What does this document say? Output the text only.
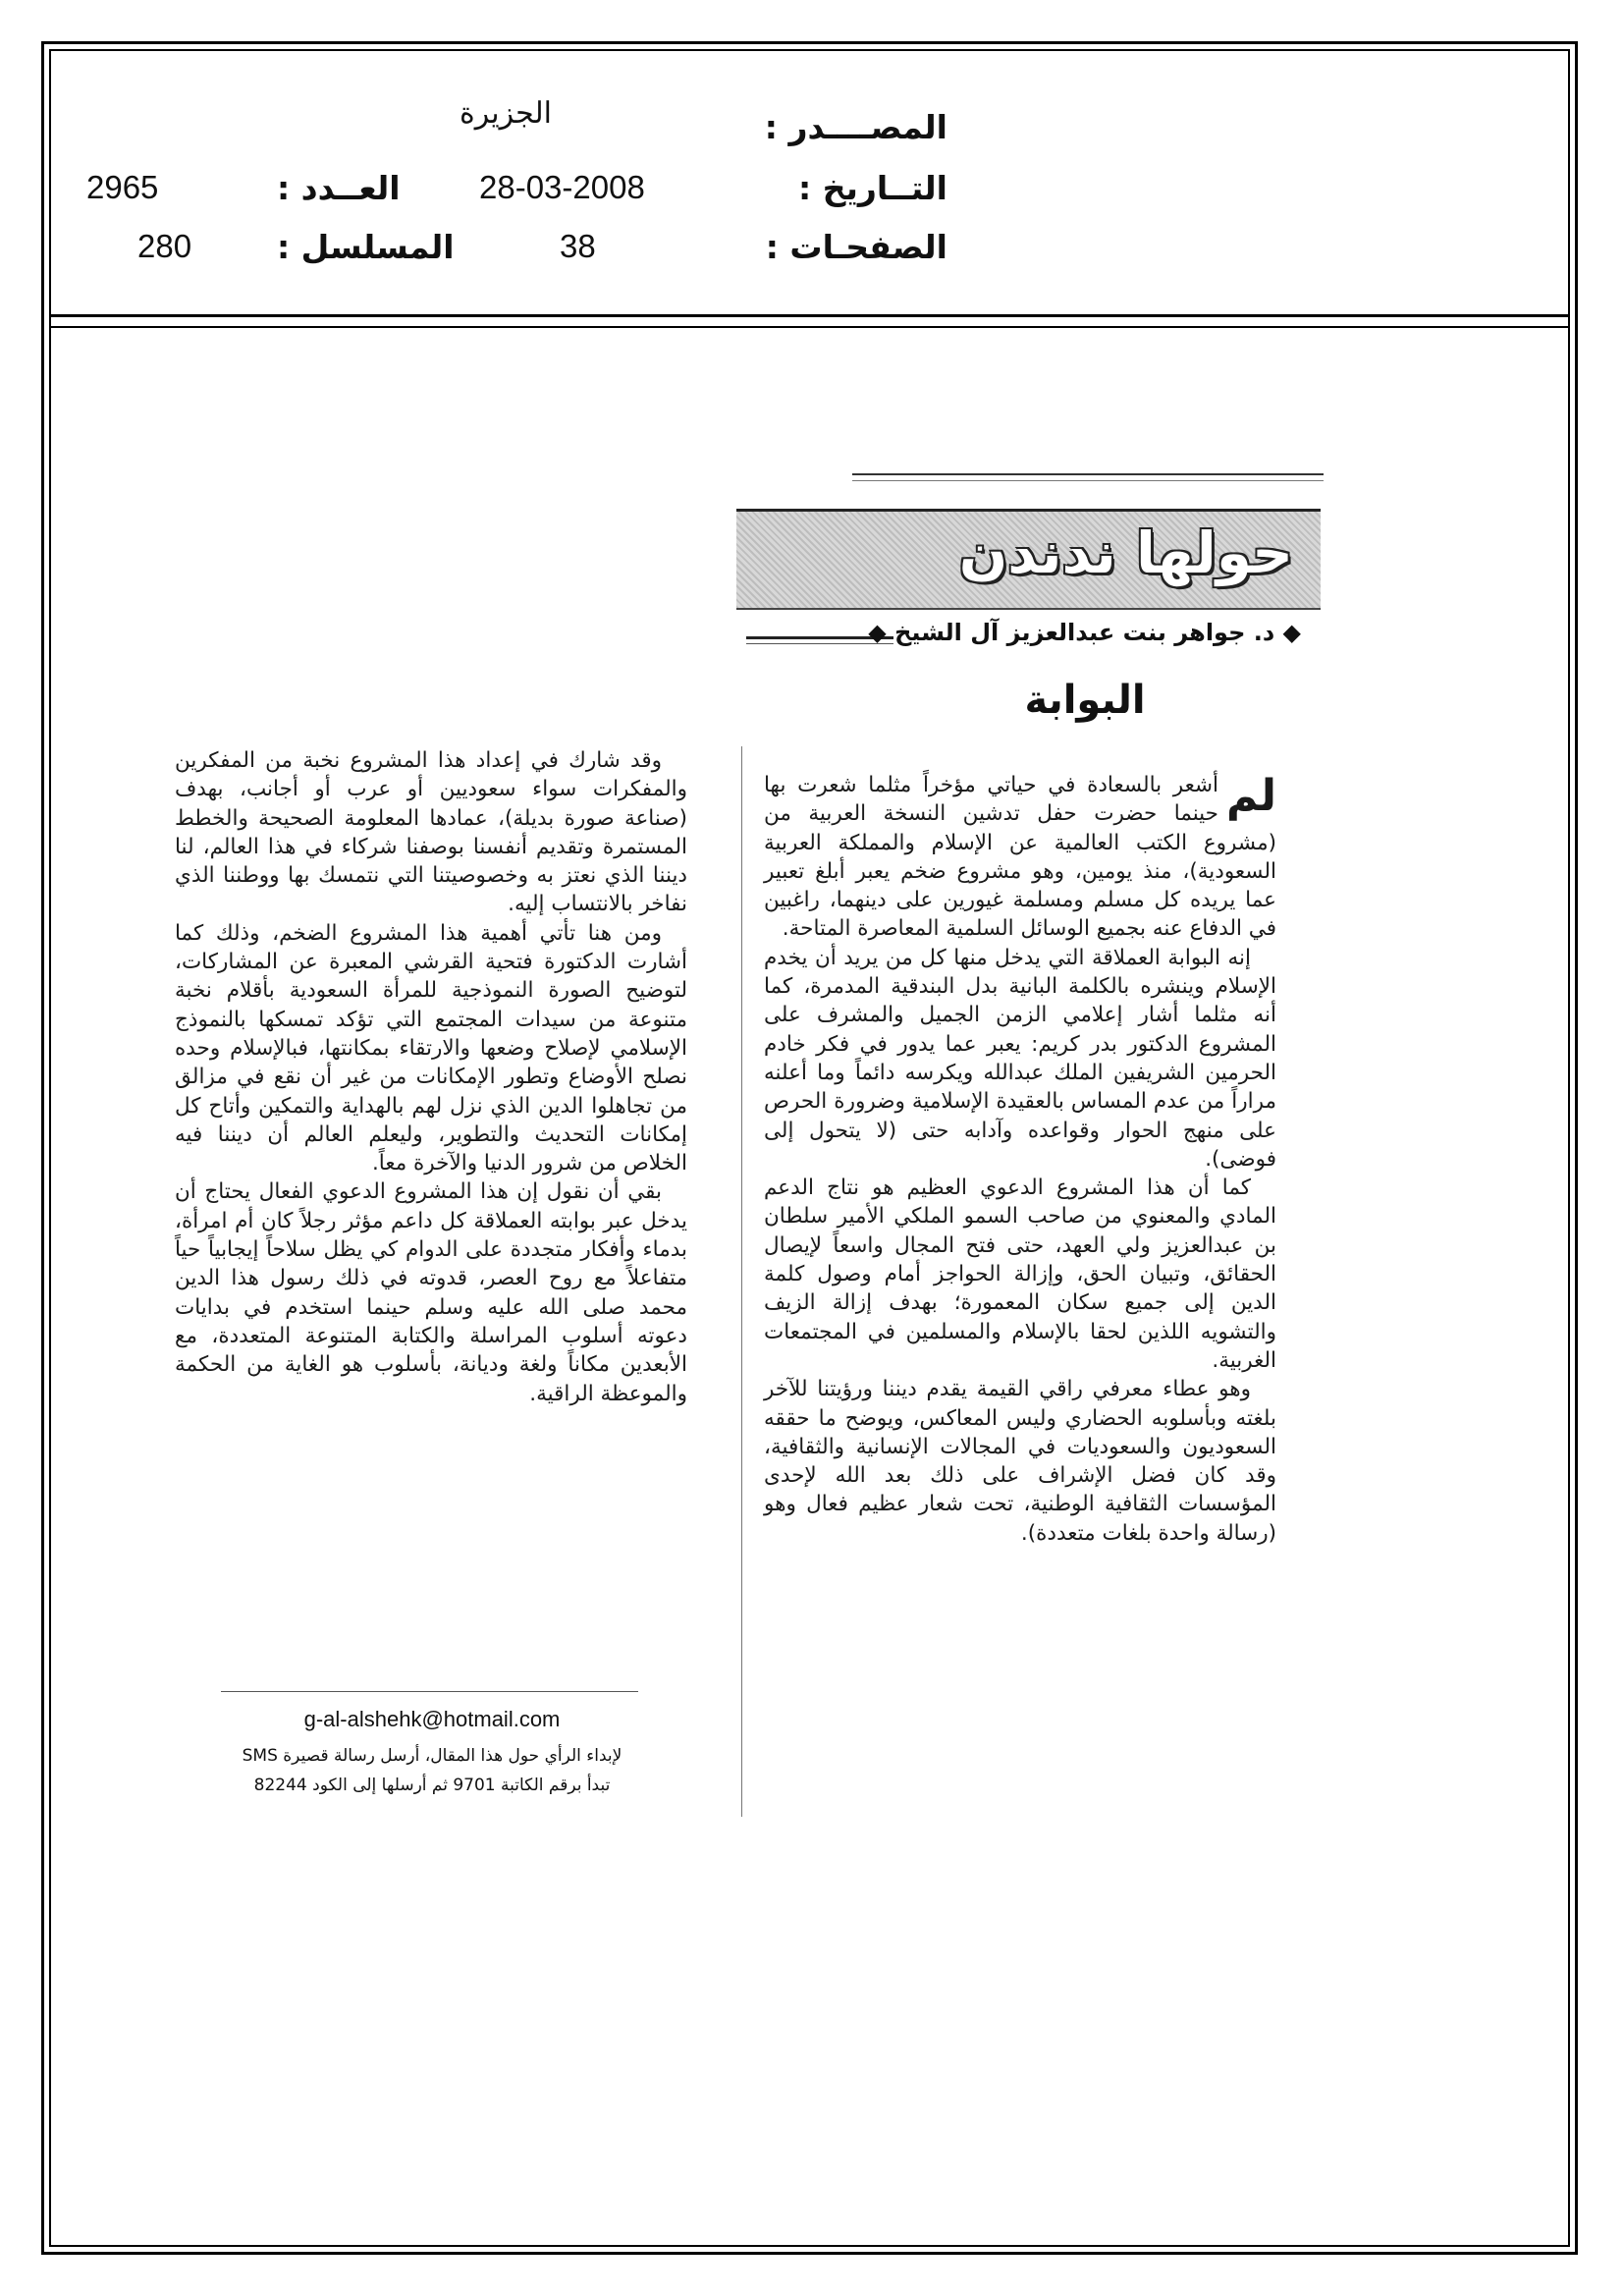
المصــــدر :
الجزيرة
التــاريخ :
28-03-2008
العــدد :
2965
الصفحـات :
38
المسلسل :
280
حولها ندندن
◆ د. جواهر بنت عبدالعزيز آل الشيخ ◆
البوابة

لم
أشعر بالسعادة في حياتي مؤخراً مثلما شعرت بها حينما حضرت حفل تدشين النسخة العربية من (مشروع الكتب العالمية عن الإسلام والمملكة العربية السعودية)، منذ يومين، وهو مشروع ضخم يعبر أبلغ تعبير عما يريده كل مسلم ومسلمة غيورين على دينهما، راغبين في الدفاع عنه بجميع الوسائل السلمية المعاصرة المتاحة.

إنه البوابة العملاقة التي يدخل منها كل من يريد أن يخدم الإسلام وينشره بالكلمة البانية بدل البندقية المدمرة، كما أنه مثلما أشار إعلامي الزمن الجميل والمشرف على المشروع الدكتور بدر كريم: يعبر عما يدور في فكر خادم الحرمين الشريفين الملك عبدالله ويكرسه دائماً وما أعلنه مراراً من عدم المساس بالعقيدة الإسلامية وضرورة الحرص على منهج الحوار وقواعده وآدابه حتى (لا يتحول إلى فوضى).

كما أن هذا المشروع الدعوي العظيم هو نتاج الدعم المادي والمعنوي من صاحب السمو الملكي الأمير سلطان بن عبدالعزيز ولي العهد، حتى فتح المجال واسعاً لإيصال الحقائق، وتبيان الحق، وإزالة الحواجز أمام وصول كلمة الدين إلى جميع سكان المعمورة؛ بهدف إزالة الزيف والتشويه اللذين لحقا بالإسلام والمسلمين في المجتمعات الغربية.

وهو عطاء معرفي راقي القيمة يقدم ديننا ورؤيتنا للآخر بلغته وبأسلوبه الحضاري وليس المعاكس، ويوضح ما حققه السعوديون والسعوديات في المجالات الإنسانية والثقافية، وقد كان فضل الإشراف على ذلك بعد الله لإحدى المؤسسات الثقافية الوطنية، تحت شعار عظيم فعال وهو (رسالة واحدة بلغات متعددة).

وقد شارك في إعداد هذا المشروع نخبة من المفكرين والمفكرات سواء سعوديين أو عرب أو أجانب، بهدف (صناعة صورة بديلة)، عمادها المعلومة الصحيحة والخطط المستمرة وتقديم أنفسنا بوصفنا شركاء في هذا العالم، لنا ديننا الذي نعتز به وخصوصيتنا التي نتمسك بها ووطننا الذي نفاخر بالانتساب إليه.

ومن هنا تأتي أهمية هذا المشروع الضخم، وذلك كما أشارت الدكتورة فتحية القرشي المعبرة عن المشاركات، لتوضيح الصورة النموذجية للمرأة السعودية بأقلام نخبة متنوعة من سيدات المجتمع التي تؤكد تمسكها بالنموذج الإسلامي لإصلاح وضعها والارتقاء بمكانتها، فبالإسلام وحده نصلح الأوضاع وتطور الإمكانات من غير أن نقع في مزالق من تجاهلوا الدين الذي نزل لهم بالهداية والتمكين وأتاح كل إمكانات التحديث والتطوير، وليعلم العالم أن ديننا فيه الخلاص من شرور الدنيا والآخرة معاً.

بقي أن نقول إن هذا المشروع الدعوي الفعال يحتاج أن يدخل عبر بوابته العملاقة كل داعم مؤثر رجلاً كان أم امرأة، بدماء وأفكار متجددة على الدوام كي يظل سلاحاً إيجابياً حياً متفاعلاً مع روح العصر، قدوته في ذلك رسول هذا الدين محمد صلى الله عليه وسلم حينما استخدم في بدايات دعوته أسلوب المراسلة والكتابة المتنوعة المتعددة، مع الأبعدين مكاناً ولغة وديانة، بأسلوب هو الغاية من الحكمة والموعظة الراقية.

g-al-alshehk@hotmail.com
لإبداء الرأي حول هذا المقال، أرسل رسالة قصيرة SMS
تبدأ برقم الكاتبة 9701 ثم أرسلها إلى الكود 82244
